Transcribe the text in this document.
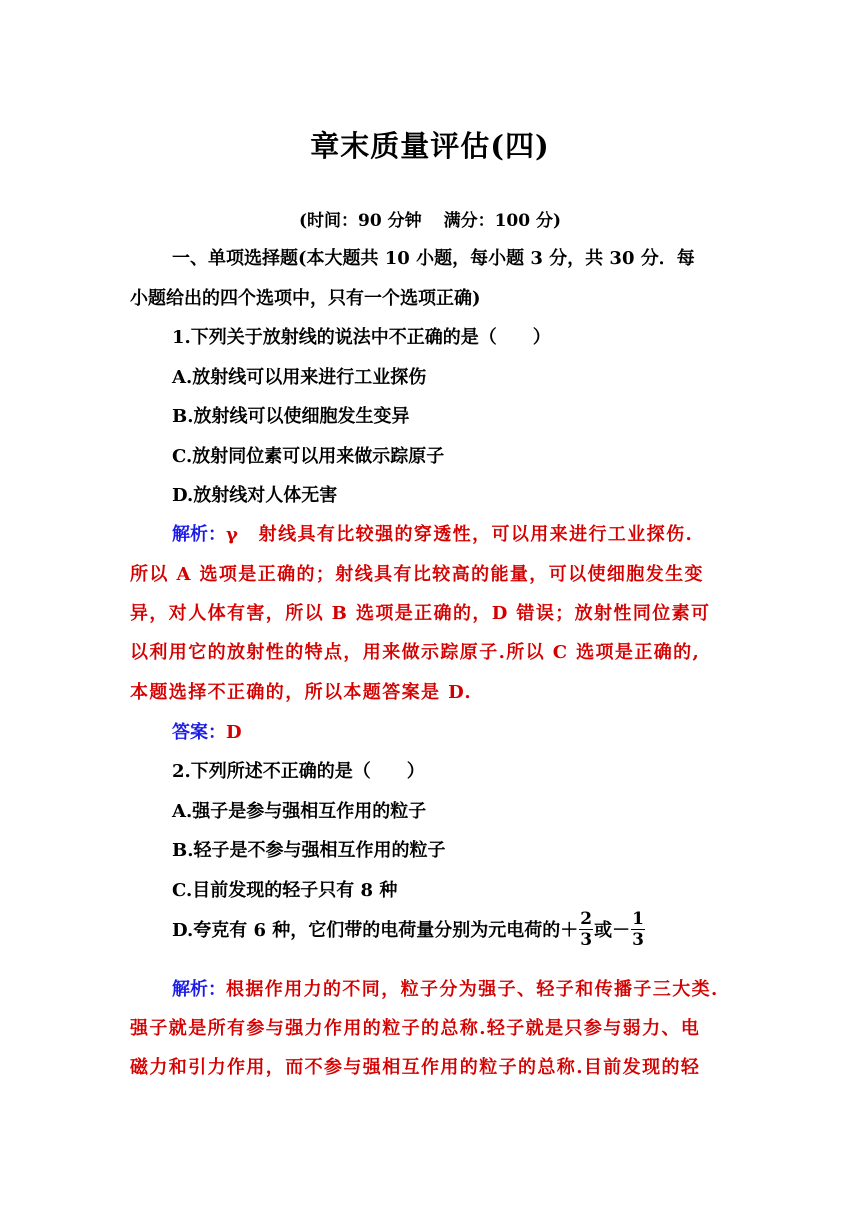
章末质量评估(四)
(时间：90 分钟 满分：100 分)
一、单项选择题(本大题共 10 小题，每小题 3 分，共 30 分．每
小题给出的四个选项中，只有一个选项正确)
1.下列关于放射线的说法中不正确的是（　　）
A.放射线可以用来进行工业探伤
B.放射线可以使细胞发生变异
C.放射同位素可以用来做示踪原子
D.放射线对人体无害
解析：γ　射线具有比较强的穿透性，可以用来进行工业探伤.
所以 A 选项是正确的；射线具有比较高的能量，可以使细胞发生变
异，对人体有害，所以 B 选项是正确的，D 错误；放射性同位素可
以利用它的放射性的特点，用来做示踪原子.所以 C 选项是正确的,
本题选择不正确的，所以本题答案是 D.
答案：D
2.下列所述不正确的是（　　）
A.强子是参与强相互作用的粒子
B.轻子是不参与强相互作用的粒子
C.目前发现的轻子只有 8 种
D.夸克有 6 种，它们带的电荷量分别为元电荷的＋ $\frac{2}{3}$ 或－ $\frac{1}{3}$
解析：根据作用力的不同，粒子分为强子、轻子和传播子三大类.
强子就是所有参与强力作用的粒子的总称.轻子就是只参与弱力、电
磁力和引力作用，而不参与强相互作用的粒子的总称.目前发现的轻
